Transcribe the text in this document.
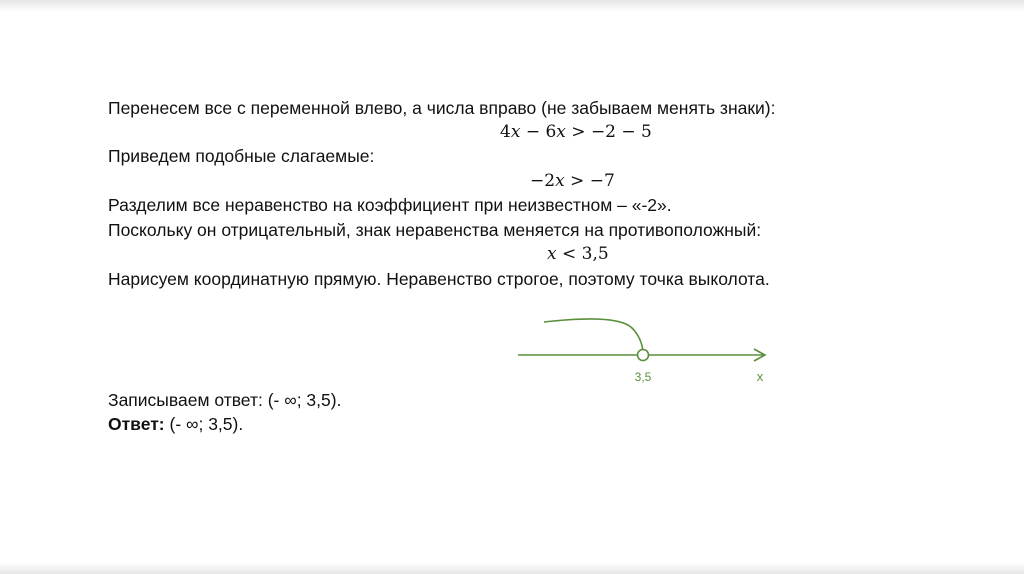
Перенесем все с переменной влево, а числа вправо (не забываем менять знаки):
4x − 6x > −2 − 5
Приведем подобные слагаемые:
−2x > −7
Разделим все неравенство на коэффициент при неизвестном – «-2».
Поскольку он отрицательный, знак неравенства меняется на противоположный:
x < 3,5
Нарисуем координатную прямую. Неравенство строгое, поэтому точка выколота.
3,5	x
Записываем ответ: (- ∞; 3,5).
Ответ: (- ∞; 3,5).
